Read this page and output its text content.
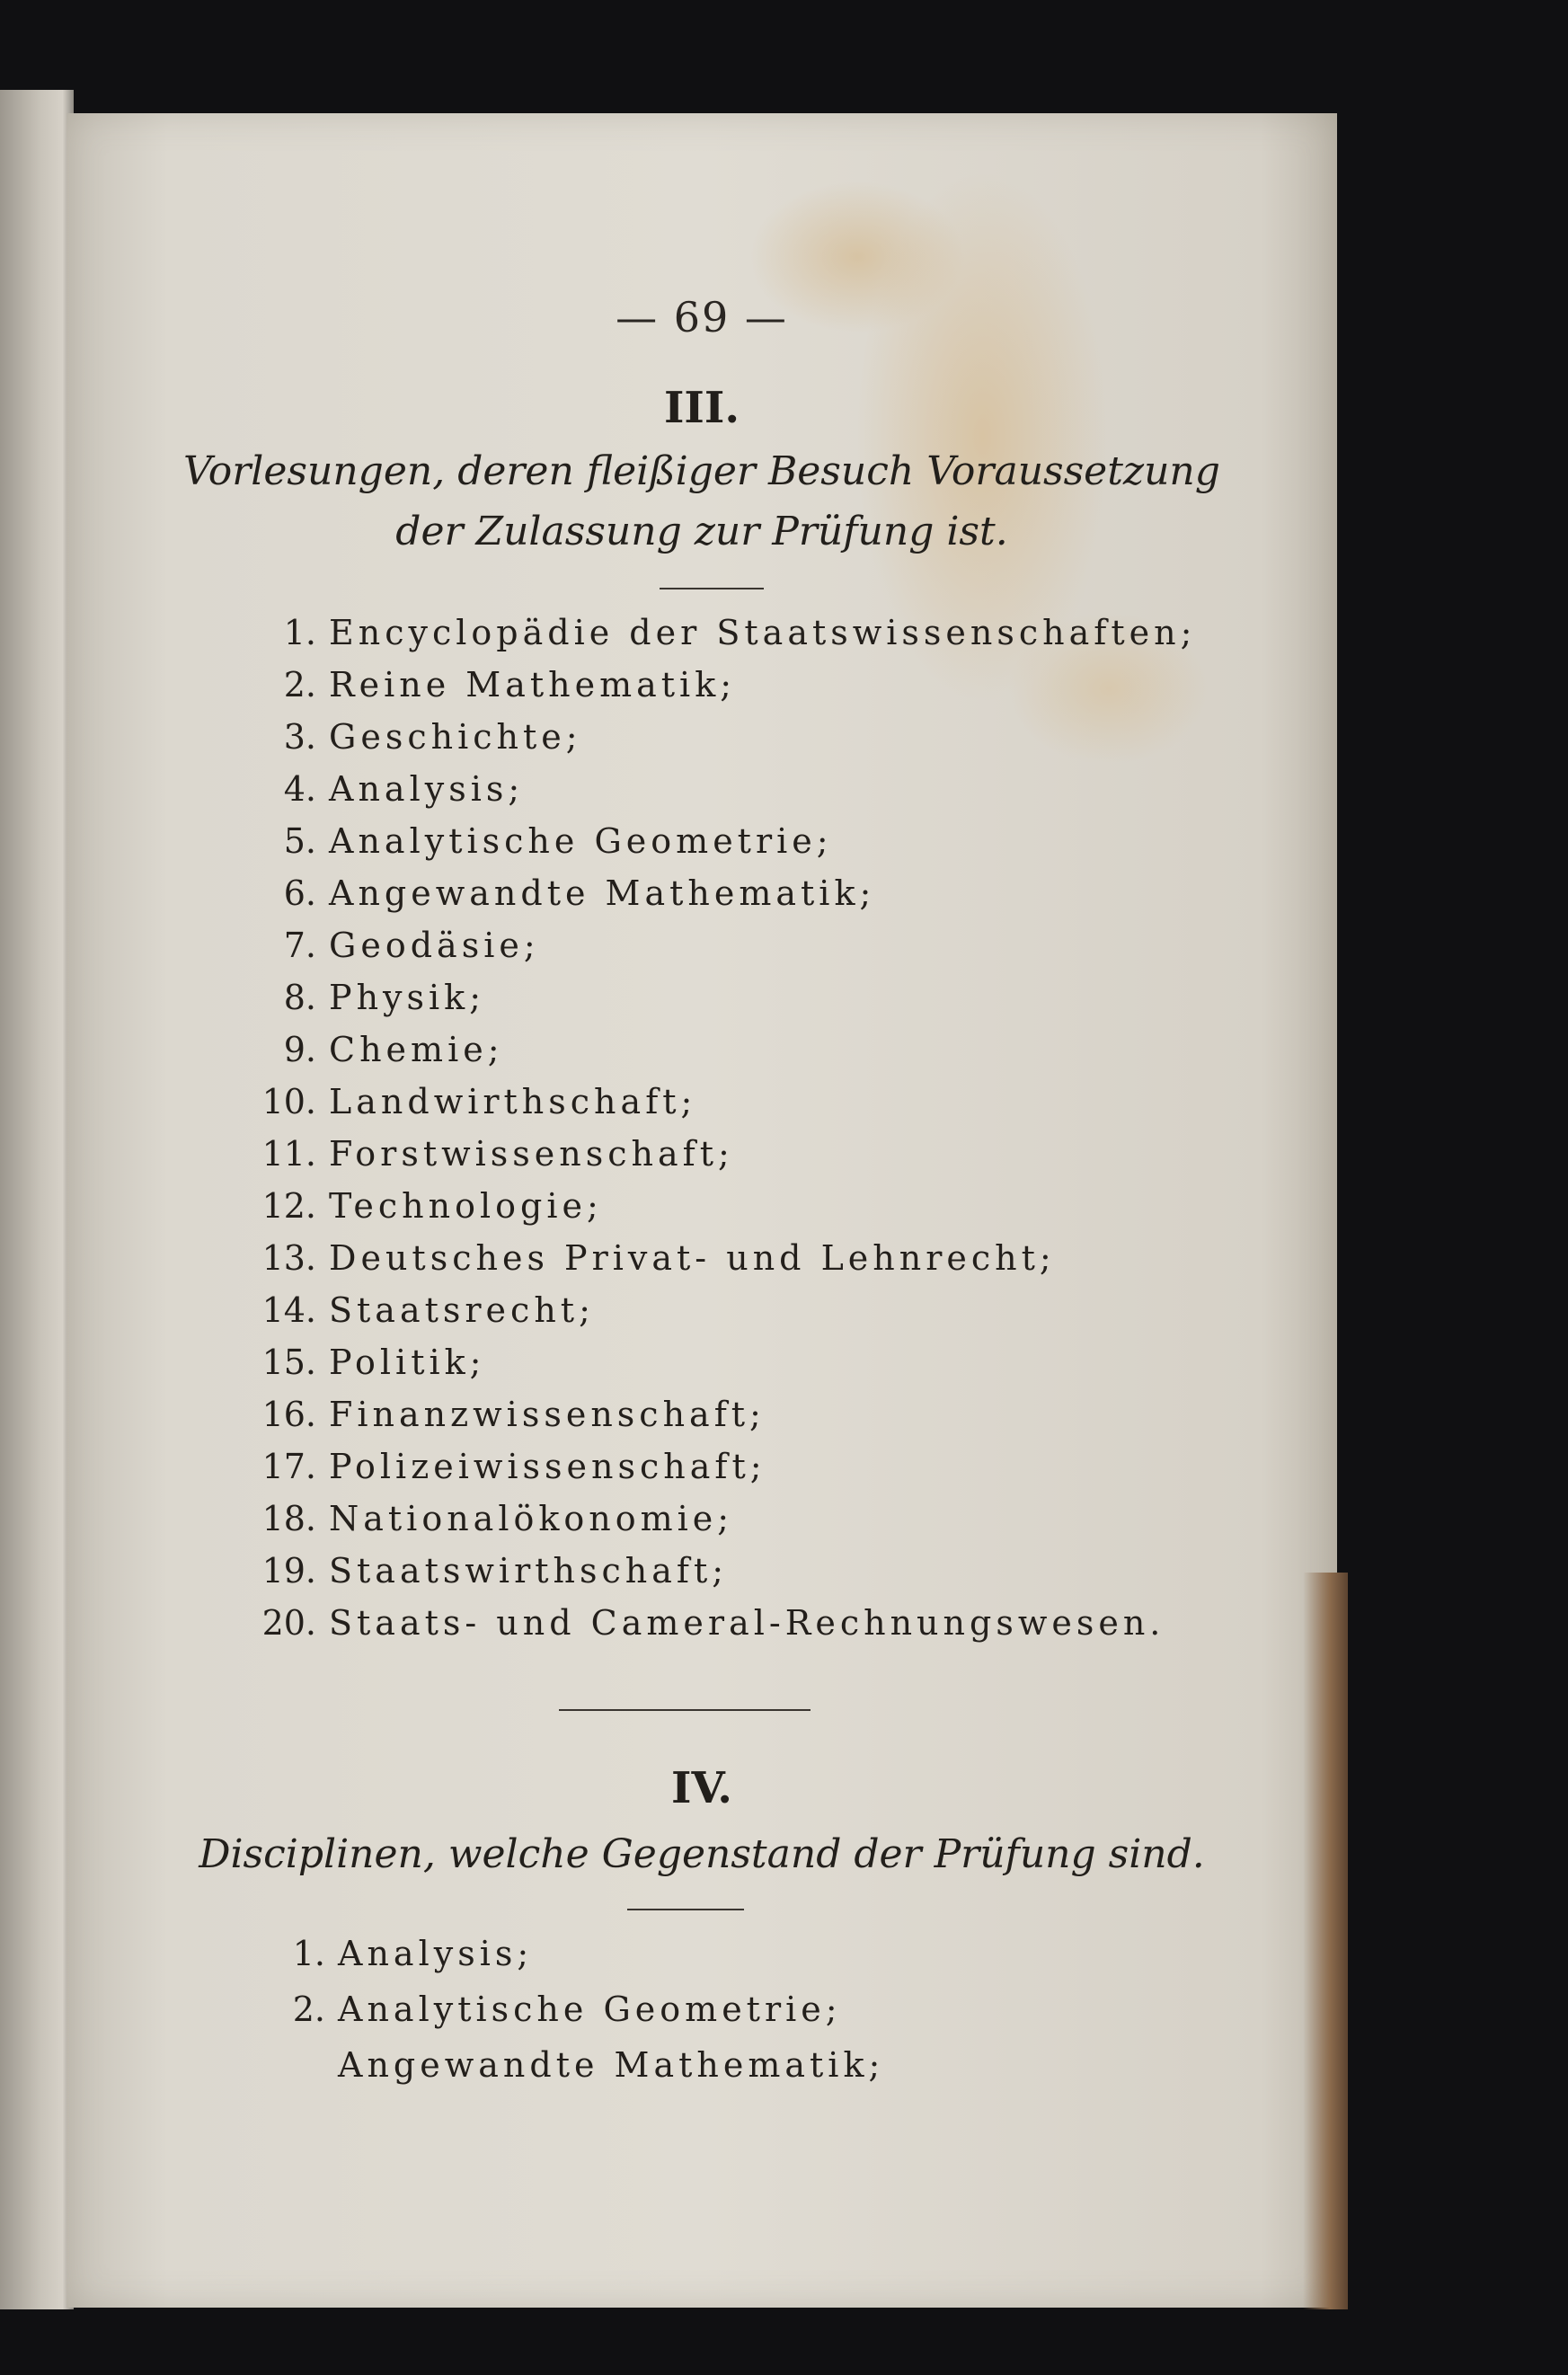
— 69 —
III.
Vorlesungen, deren fleißiger Besuch Voraussetzung
der Zulassung zur Prüfung ist.
1. Encyclopädie der Staatswissenschaften;
2. Reine Mathematik;
3. Geschichte;
4. Analysis;
5. Analytische Geometrie;
6. Angewandte Mathematik;
7. Geodäsie;
8. Physik;
9. Chemie;
10. Landwirthschaft;
11. Forstwissenschaft;
12. Technologie;
13. Deutsches Privat- und Lehnrecht;
14. Staatsrecht;
15. Politik;
16. Finanzwissenschaft;
17. Polizeiwissenschaft;
18. Nationalökonomie;
19. Staatswirthschaft;
20. Staats- und Cameral-Rechnungswesen.
IV.
Disciplinen, welche Gegenstand der Prüfung sind.
1. Analysis;
2. Analytische Geometrie;
Angewandte Mathematik;
